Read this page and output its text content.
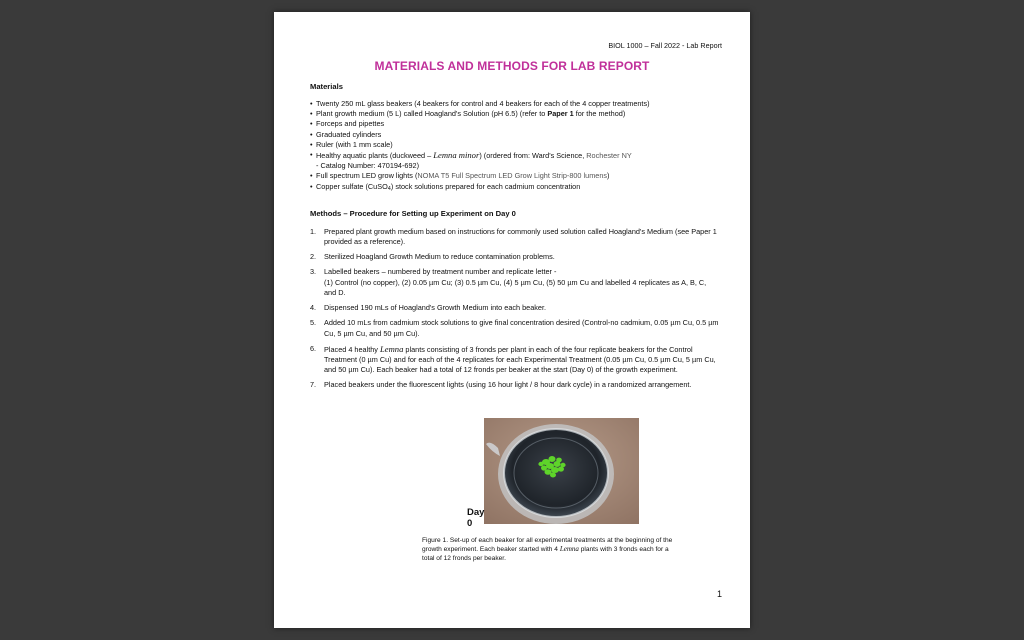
BIOL 1000 – Fall 2022 - Lab Report
MATERIALS AND METHODS FOR LAB REPORT
Materials
• Twenty 250 mL glass beakers (4 beakers for control and 4 beakers for each of the 4 copper treatments)
• Plant growth medium (5 L) called Hoagland's Solution (pH 6.5) (refer to Paper 1 for the method)
• Forceps and pipettes
• Graduated cylinders
• Ruler (with 1 mm scale)
• Healthy aquatic plants (duckweed – Lemna minor) (ordered from: Ward's Science, Rochester NY
- Catalog Number: 470194-692)
• Full spectrum LED grow lights (NOMA T5 Full Spectrum LED Grow Light Strip-800 lumens)
• Copper sulfate (CuSO4) stock solutions prepared for each cadmium concentration
Methods – Procedure for Setting up Experiment on Day 0
1. Prepared plant growth medium based on instructions for commonly used solution called Hoagland's Medium (see Paper 1 provided as a reference).
2. Sterilized Hoagland Growth Medium to reduce contamination problems.
3. Labelled beakers – numbered by treatment number and replicate letter -
(1) Control (no copper), (2) 0.05 µm Cu; (3) 0.5 µm Cu, (4) 5 µm Cu, (5) 50 µm Cu and labelled 4 replicates as A, B, C, and D.
4. Dispensed 190 mLs of Hoagland's Growth Medium into each beaker.
5. Added 10 mLs from cadmium stock solutions to give final concentration desired (Control-no cadmium, 0.05 µm Cu, 0.5 µm Cu, 5 µm Cu, and 50 µm Cu).
6. Placed 4 healthy Lemna plants consisting of 3 fronds per plant in each of the four replicate beakers for the Control Treatment (0 µm Cu) and for each of the 4 replicates for each Experimental Treatment (0.05 µm Cu, 0.5 µm Cu, 5 µm Cu, and 50 µm Cu). Each beaker had a total of 12 fronds per beaker at the start (Day 0) of the growth experiment.
7. Placed beakers under the fluorescent lights (using 16 hour light / 8 hour dark cycle) in a randomized arrangement.
Day 0
Figure 1. Set-up of each beaker for all experimental treatments at the beginning of the growth experiment. Each beaker started with 4 Lemna plants with 3 fronds each for a total of 12 fronds per beaker.
1
